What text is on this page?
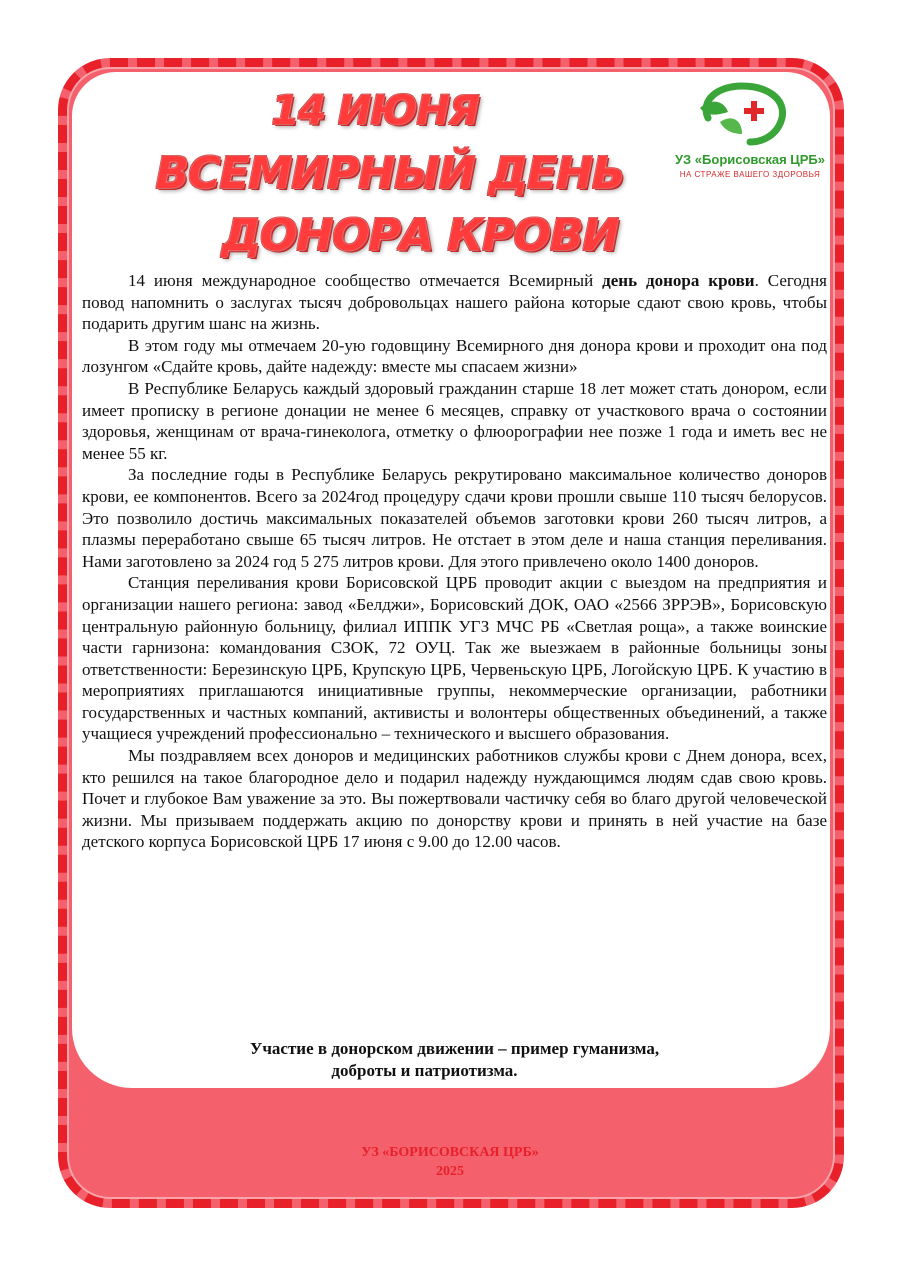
14 ИЮНЯ
ВСЕМИРНЫЙ ДЕНЬ
ДОНОРА КРОВИ
УЗ «Борисовская ЦРБ»
НА СТРАЖЕ ВАШЕГО ЗДОРОВЬЯ

14 июня международное сообщество отмечается Всемирный день донора крови. Сегодня повод напомнить о заслугах тысяч добровольцах нашего района которые сдают свою кровь, чтобы подарить другим шанс на жизнь.

В этом году мы отмечаем 20-ую годовщину Всемирного дня донора крови и проходит она под лозунгом «Сдайте кровь, дайте надежду: вместе мы спасаем жизни»

В Республике Беларусь каждый здоровый гражданин старше 18 лет может стать донором, если имеет прописку в регионе донации не менее 6 месяцев, справку от участкового врача о состоянии здоровья, женщинам от врача-гинеколога, отметку о флюорографии нее позже 1 года и иметь вес не менее 55 кг.

За последние годы в Республике Беларусь рекрутировано максимальное количество доноров крови, ее компонентов. Всего за 2024год процедуру сдачи крови прошли свыше 110 тысяч белорусов. Это позволило достичь максимальных показателей объемов заготовки крови 260 тысяч литров, а плазмы переработано свыше 65 тысяч литров. Не отстает в этом деле и наша станция переливания. Нами заготовлено за 2024 год 5 275 литров крови. Для этого привлечено около 1400 доноров.

Станция переливания крови Борисовской ЦРБ проводит акции с выездом на предприятия и организации нашего региона: завод «Белджи», Борисовский ДОК, ОАО «2566 ЗРРЭВ», Борисовскую центральную районную больницу, филиал ИППК УГЗ МЧС РБ «Светлая роща», а также воинские части гарнизона: командования СЗОК, 72 ОУЦ. Так же выезжаем в районные больницы зоны ответственности: Березинскую ЦРБ, Крупскую ЦРБ, Червеньскую ЦРБ, Логойскую ЦРБ. К участию в мероприятиях приглашаются инициативные группы, некоммерческие организации, работники государственных и частных компаний, активисты и волонтеры общественных объединений, а также учащиеся учреждений профессионально – технического и высшего образования.

Мы поздравляем всех доноров и медицинских работников службы крови с Днем донора, всех, кто решился на такое благородное дело и подарил надежду нуждающимся людям сдав свою кровь. Почет и глубокое Вам уважение за это. Вы пожертвовали частичку себя во благо другой человеческой жизни. Мы призываем поддержать акцию по донорству крови и принять в ней участие на базе детского корпуса Борисовской ЦРБ 17 июня с 9.00 до 12.00 часов.

Участие в донорском движении – пример гуманизма,
доброты и патриотизма.
УЗ «БОРИСОВСКАЯ ЦРБ»
2025
